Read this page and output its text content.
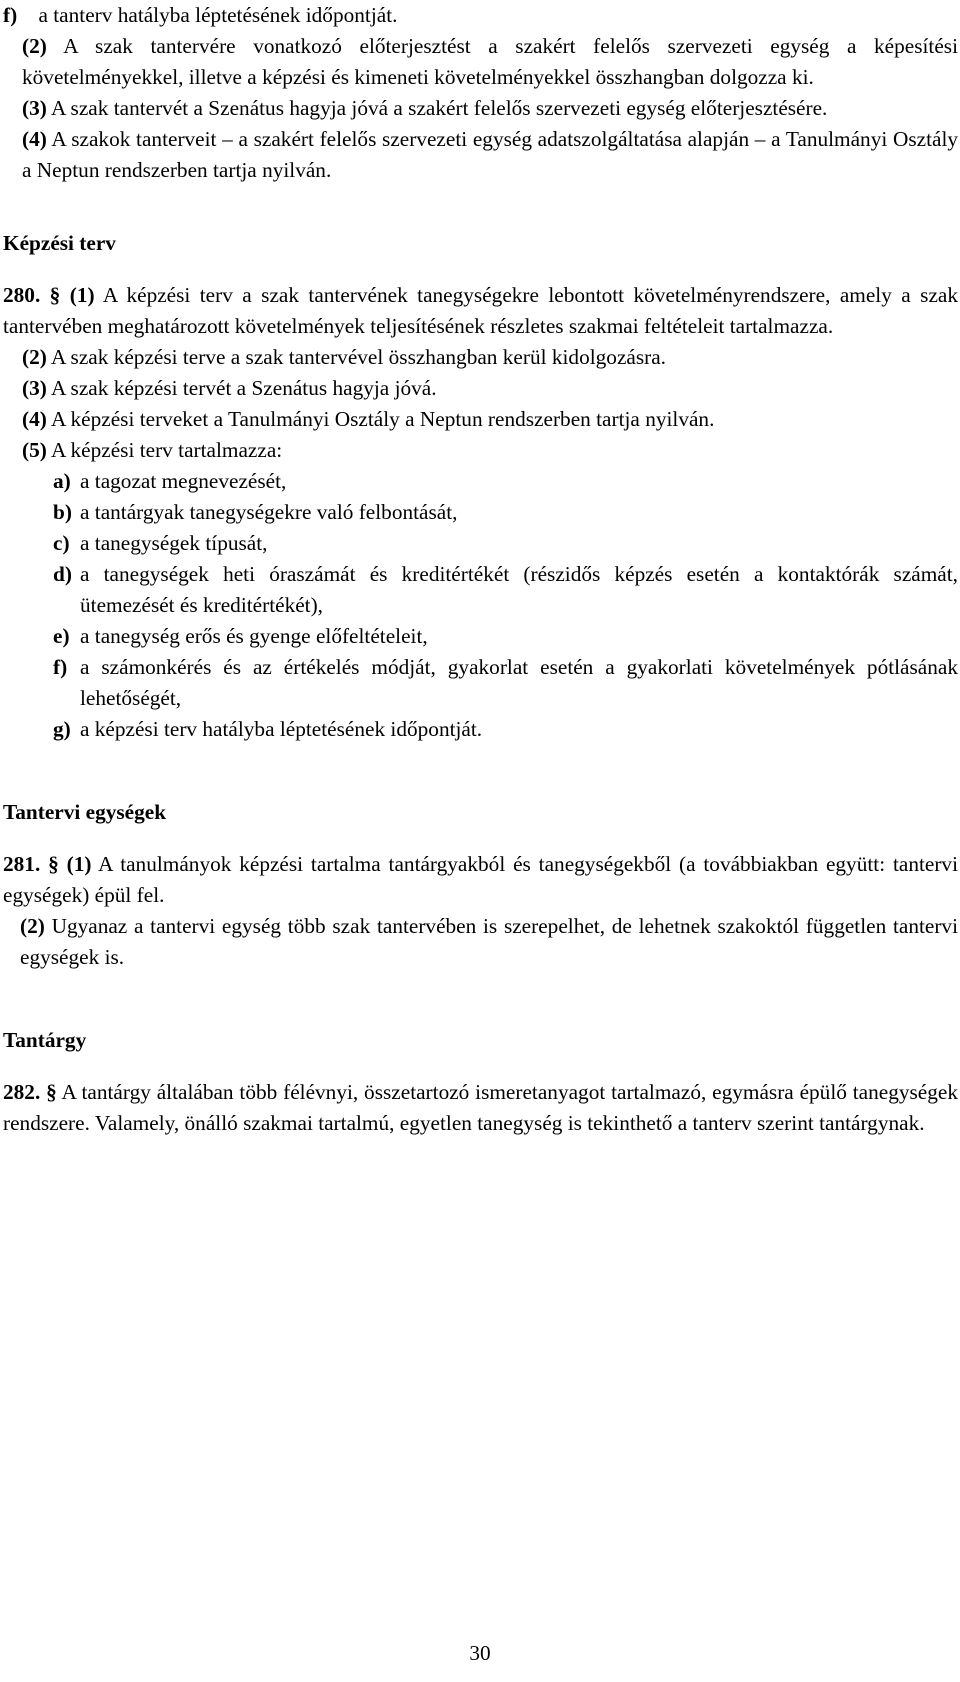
f) a tanterv hatályba léptetésének időpontját.

(2) A szak tantervére vonatkozó előterjesztést a szakért felelős szervezeti egység a képesítési követelményekkel, illetve a képzési és kimeneti követelményekkel összhangban dolgozza ki.

(3) A szak tantervét a Szenátus hagyja jóvá a szakért felelős szervezeti egység előterjesztésére.

(4) A szakok tanterveit – a szakért felelős szervezeti egység adatszolgáltatása alapján – a Tanulmányi Osztály a Neptun rendszerben tartja nyilván.

Képzési terv

280. § (1) A képzési terv a szak tantervének tanegységekre lebontott követelményrendszere, amely a szak tantervében meghatározott követelmények teljesítésének részletes szakmai feltételeit tartalmazza.

(2) A szak képzési terve a szak tantervével összhangban kerül kidolgozásra.

(3) A szak képzési tervét a Szenátus hagyja jóvá.

(4) A képzési terveket a Tanulmányi Osztály a Neptun rendszerben tartja nyilván.

(5) A képzési terv tartalmazza:

a) a tagozat megnevezését,
b) a tantárgyak tanegységekre való felbontását,
c) a tanegységek típusát,
d) a tanegységek heti óraszámát és kreditértékét (részidős képzés esetén a kontaktórák számát, ütemezését és kreditértékét),
e) a tanegység erős és gyenge előfeltételeit,
f) a számonkérés és az értékelés módját, gyakorlat esetén a gyakorlati követelmények pótlásának lehetőségét,
g) a képzési terv hatályba léptetésének időpontját.
Tantervi egységek

281. § (1) A tanulmányok képzési tartalma tantárgyakból és tanegységekből (a továbbiakban együtt: tantervi egységek) épül fel.

(2) Ugyanaz a tantervi egység több szak tantervében is szerepelhet, de lehetnek szakoktól független tantervi egységek is.

Tantárgy

282. § A tantárgy általában több félévnyi, összetartozó ismeretanyagot tartalmazó, egymásra épülő tanegységek rendszere. Valamely, önálló szakmai tartalmú, egyetlen tanegység is tekinthető a tanterv szerint tantárgynak.

30
